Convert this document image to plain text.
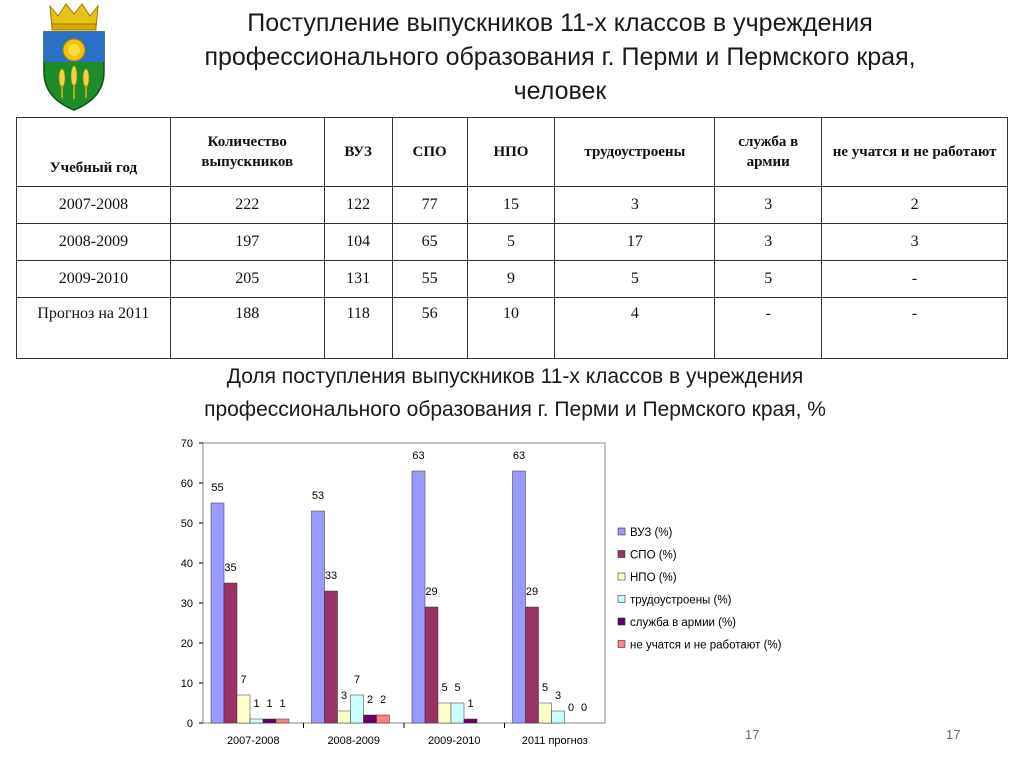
Поступление выпускников 11-х классов в учреждения
профессионального образования г. Перми и Пермского края,
человек
Учебный год	Количество выпускников	ВУЗ	СПО	НПО	трудоустроены	служба в армии	не учатся и не работают
2007-2008	222	122	77	15	3	3	2
2008-2009	197	104	65	5	17	3	3
2009-2010	205	131	55	9	5	5	-
Прогноз на 2011	188	118	56	10	4	-	-
Доля поступления выпускников 11-х классов в учреждения
профессионального образования г. Перми и Пермского края, %
0
10
20
30
40
50
60
70
2007-2008
55
35
7
1 1 1
2008-2009
53
33
3
7
2 2
2009-2010
63
29
5 5
1
2011 прогноз
63
29
5
3
0 0
ВУЗ (%)
СПО (%)
НПО (%)
трудоустроены (%)
служба в армии (%)
не учатся и не работают (%)
17	17
